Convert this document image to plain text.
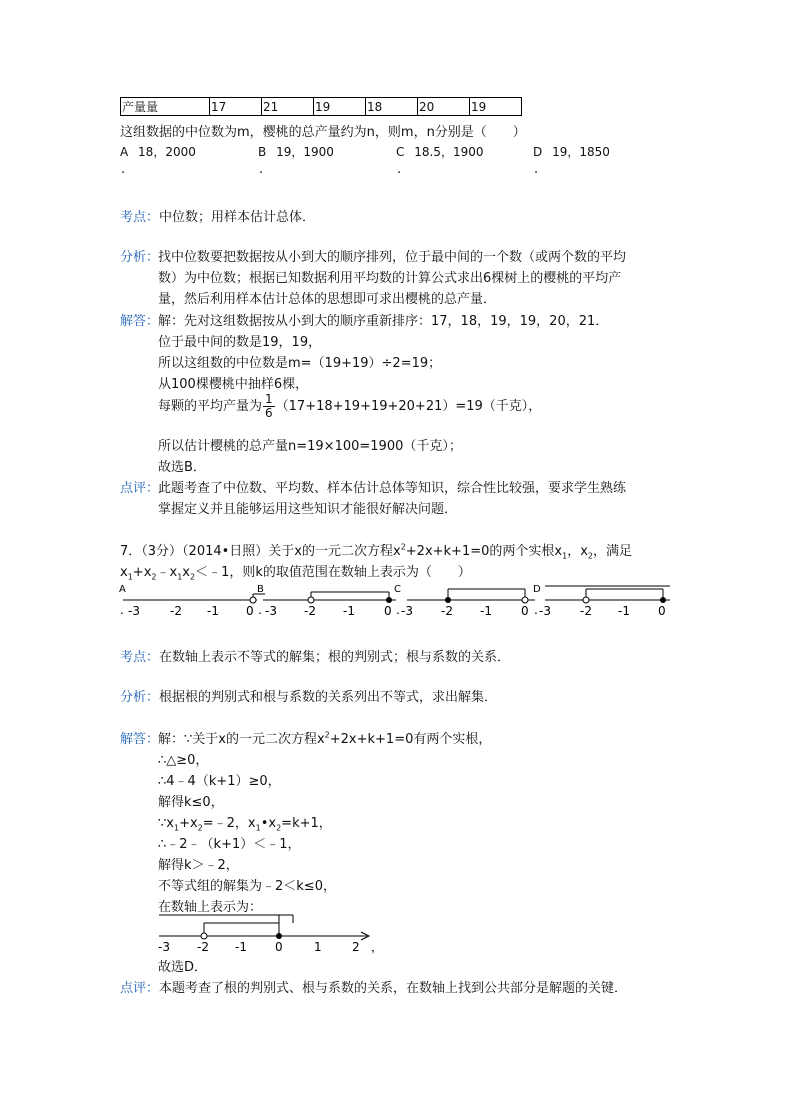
产量量	17	21	19	18	20	19
这组数据的中位数为m，樱桃的总产量约为n，则m，n分别是（　　）
A 18，2000	B 19，1900	C 18.5，1900	D 19，1850
.	.	.	.
考点：中位数；用样本估计总体．
分析：
找中位数要把数据按从小到大的顺序排列，位于最中间的一个数（或两个数的平均
数）为中位数；根据已知数据利用平均数的计算公式求出6棵树上的樱桃的平均产
量，然后利用样本估计总体的思想即可求出樱桃的总产量．
解答：
解：先对这组数据按从小到大的顺序重新排序：17，18，19，19，20，21．
位于最中间的数是19，19，
所以这组数的中位数是m=（19+19）÷2=19；
从100棵樱桃中抽样6棵，
每颗的平均产量为 $\frac{1}{6} (17+18+19+19+20+21)=19$（千克），
所以估计樱桃的总产量n=19×100=1900（千克）；
故选B．
点评：
此题考查了中位数、平均数、样本估计总体等知识，综合性比较强，要求学生熟练
掌握定义并且能够运用这些知识才能很好解决问题．
7．（3分）（2014•日照）关于x的一元二次方程$x^2+2x+k+1=0$的两个实根$x_1$，$x_2$，满足
$x_1+x_2﹣x_1x_2<﹣1$，则k的取值范围在数轴上表示为（　　）
A
. -3	-2 -1 0
B
. -3 -2 -1 0
C
. -3 -2 -1 0
D
. -3 -2 -1 0
考点：在数轴上表示不等式的解集；根的判别式；根与系数的关系．
分析：根据根的判别式和根与系数的关系列出不等式，求出解集．
解答：
解：∵关于x的一元二次方程$x^2+2x+k+1=0$有两个实根，
∴△≥0，
∴4﹣4（k+1）≥0，
解得k≤0，
$\because x_1+x_2=﹣2$，$x_1•x_2=k+1$，
∴﹣2﹣（k+1）＜﹣1，
解得k＞﹣2，
不等式组的解集为﹣2＜k≤0，
在数轴上表示为：
-3 -2 -1 0	1	2 ，
故选D．
点评：本题考查了根的判别式、根与系数的关系，在数轴上找到公共部分是解题的关键．
